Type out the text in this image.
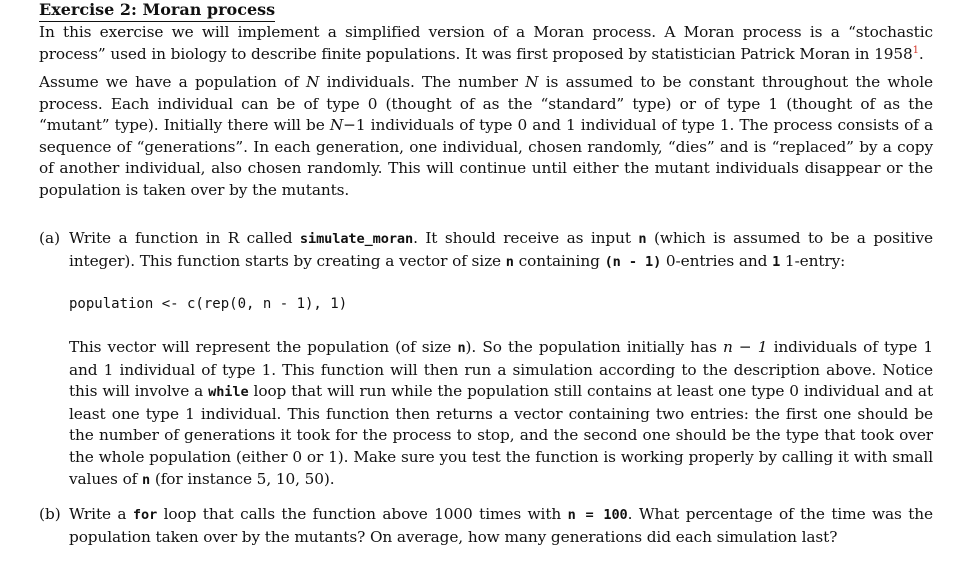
Exercise 2: Moran process

In this exercise we will implement a simplified version of a Moran process. A Moran process is a “stochastic process” used in biology to describe finite populations. It was first proposed by statistician Patrick Moran in 1958$^1$.

Assume we have a population of N individuals. The number N is assumed to be constant throughout the whole process. Each individual can be of type 0 (thought of as the “standard” type) or of type 1 (thought of as the “mutant” type). Initially there will be N−1 individuals of type 0 and 1 individual of type 1. The process consists of a sequence of “generations”. In each generation, one individual, chosen randomly, “dies” and is “replaced” by a copy of another individual, also chosen randomly. This will continue until either the mutant individuals disappear or the population is taken over by the mutants.

(a) Write a function in R called simulate_moran. It should receive as input n (which is assumed to be a positive integer). This function starts by creating a vector of size n containing (n - 1) 0-entries and 1 1-entry:

population <- c(rep(0, n - 1), 1)

This vector will represent the population (of size n). So the population initially has n − 1 individuals of type 1 and 1 individual of type 1. This function will then run a simulation according to the description above. Notice this will involve a while loop that will run while the population still contains at least one type 0 individual and at least one type 1 individual. This function then returns a vector containing two entries: the first one should be the number of generations it took for the process to stop, and the second one should be the type that took over the whole population (either 0 or 1). Make sure you test the function is working properly by calling it with small values of n (for instance 5, 10, 50).

(b) Write a for loop that calls the function above 1000 times with n = 100. What percentage of the time was the population taken over by the mutants? On average, how many generations did each simulation last?
